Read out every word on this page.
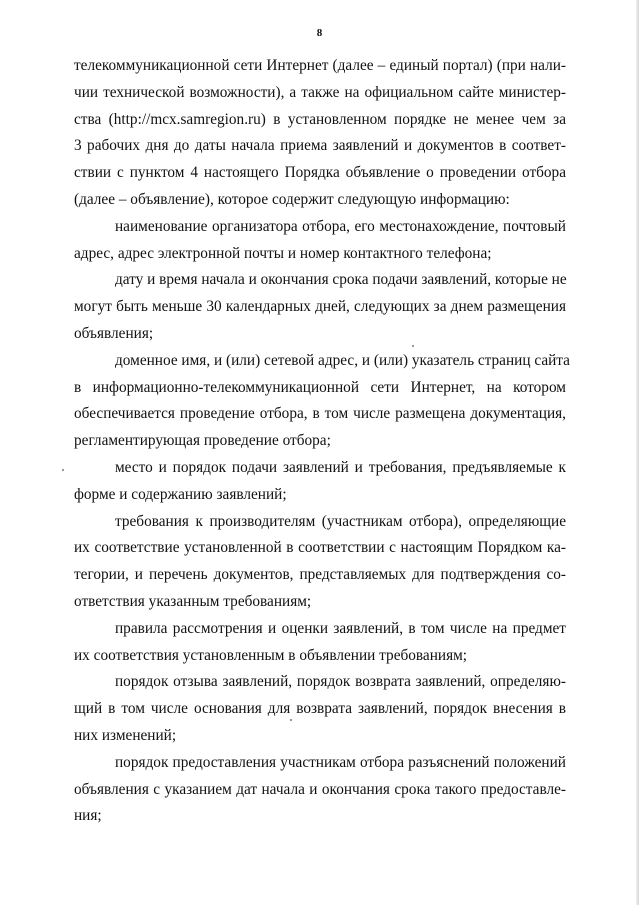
8
телекоммуникационной сети Интернет (далее – единый портал) (при нали-
чии технической возможности), а также на официальном сайте министер-
ства (http://mcx.samregion.ru) в установленном порядке не менее чем за
3 рабочих дня до даты начала приема заявлений и документов в соответ-
ствии с пунктом 4 настоящего Порядка объявление о проведении отбора
(далее – объявление), которое содержит следующую информацию:
наименование организатора отбора, его местонахождение, почтовый
адрес, адрес электронной почты и номер контактного телефона;
дату и время начала и окончания срока подачи заявлений, которые не
могут быть меньше 30 календарных дней, следующих за днем размещения
объявления;
доменное имя, и (или) сетевой адрес, и (или) указатель страниц сайта
в информационно-телекоммуникационной сети Интернет, на котором
обеспечивается проведение отбора, в том числе размещена документация,
регламентирующая проведение отбора;
место и порядок подачи заявлений и требования, предъявляемые к
форме и содержанию заявлений;
требования к производителям (участникам отбора), определяющие
их соответствие установленной в соответствии с настоящим Порядком ка-
тегории, и перечень документов, представляемых для подтверждения со-
ответствия указанным требованиям;
правила рассмотрения и оценки заявлений, в том числе на предмет
их соответствия установленным в объявлении требованиям;
порядок отзыва заявлений, порядок возврата заявлений, определяю-
щий в том числе основания для возврата заявлений, порядок внесения в
них изменений;
порядок предоставления участникам отбора разъяснений положений
объявления с указанием дат начала и окончания срока такого предоставле-
ния;
